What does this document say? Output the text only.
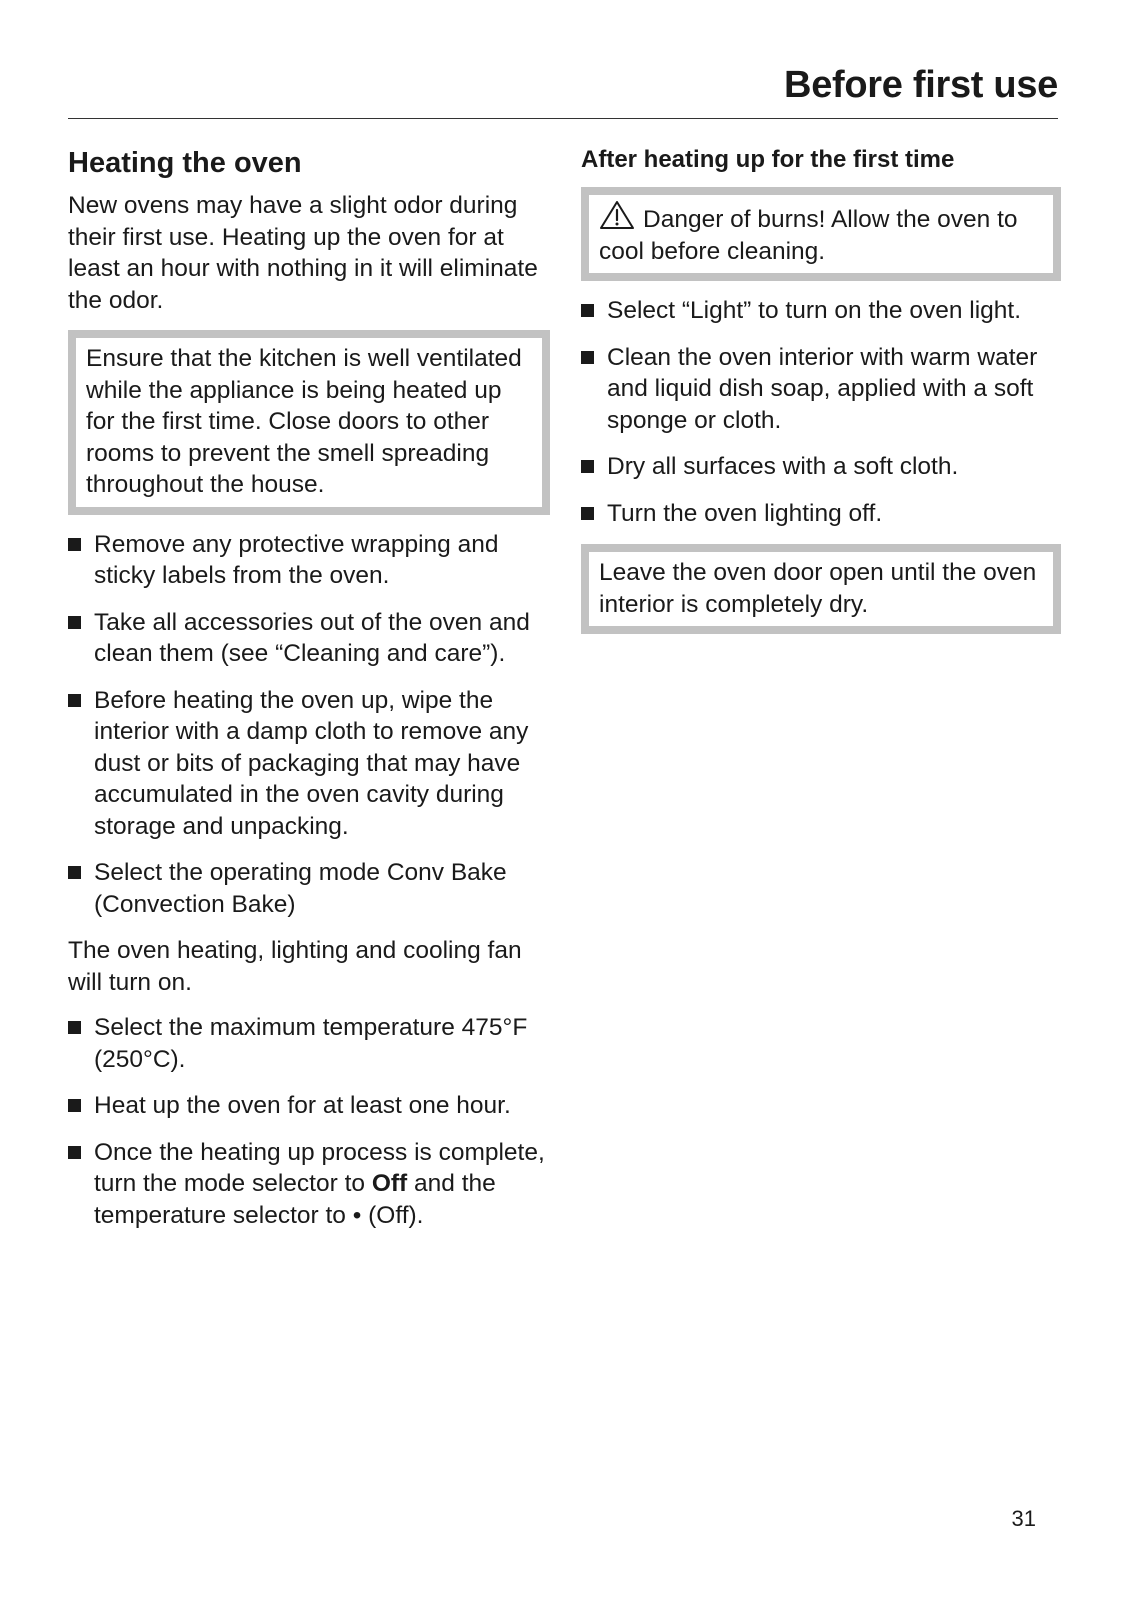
Before first use
Heating the oven

New ovens may have a slight odor during their first use. Heating up the oven for at least an hour with nothing in it will eliminate the odor.

Ensure that the kitchen is well ventilated while the appliance is being heated up for the first time. Close doors to other rooms to prevent the smell spreading throughout the house.
Remove any protective wrapping and sticky labels from the oven.
Take all accessories out of the oven and clean them (see “Cleaning and care”).
Before heating the oven up, wipe the interior with a damp cloth to remove any dust or bits of packaging that may have accumulated in the oven cavity during storage and unpacking.
Select the operating mode Conv Bake (Convection Bake)

The oven heating, lighting and cooling fan will turn on.

Select the maximum temperature 475°F (250°C).
Heat up the oven for at least one hour.
Once the heating up process is complete, turn the mode selector to Off and the temperature selector to • (Off).
After heating up for the first time
Danger of burns! Allow the oven to cool before cleaning.
Select “Light” to turn on the oven light.
Clean the oven interior with warm water and liquid dish soap, applied with a soft sponge or cloth.
Dry all surfaces with a soft cloth.
Turn the oven lighting off.
Leave the oven door open until the oven interior is completely dry.
31
